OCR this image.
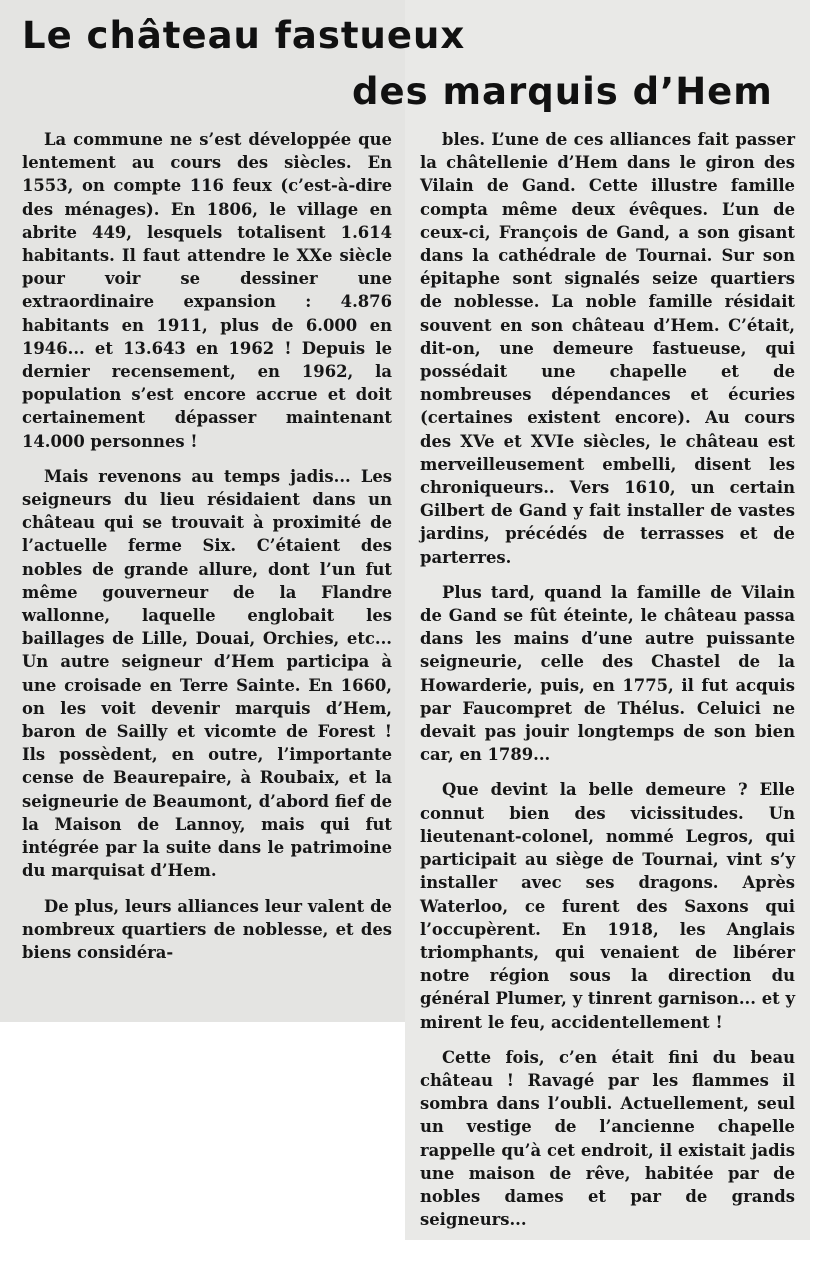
Le château fastueux
des marquis d’Hem

La commune ne s’est développée que lentement au cours des siècles. En 1553, on compte 116 feux (c’est-à-dire des ménages). En 1806, le village en abrite 449, lesquels totalisent 1.614 habitants. Il faut attendre le XXe siècle pour voir se dessiner une extraordinaire expansion : 4.876 habitants en 1911, plus de 6.000 en 1946... et 13.643 en 1962 ! Depuis le dernier recensement, en 1962, la population s’est encore accrue et doit certainement dépasser maintenant 14.000 personnes !

Mais revenons au temps jadis... Les seigneurs du lieu résidaient dans un château qui se trouvait à proximité de l’actuelle ferme Six. C’étaient des nobles de grande allure, dont l’un fut même gouverneur de la Flandre wallonne, laquelle englobait les baillages de Lille, Douai, Orchies, etc... Un autre seigneur d’Hem participa à une croisade en Terre Sainte. En 1660, on les voit devenir marquis d’Hem, baron de Sailly et vicomte de Forest ! Ils possèdent, en outre, l’importante cense de Beaurepaire, à Roubaix, et la seigneurie de Beaumont, d’abord fief de la Maison de Lannoy, mais qui fut intégrée par la suite dans le patrimoine du marquisat d’Hem.

De plus, leurs alliances leur valent de nombreux quartiers de noblesse, et des biens considéra-

bles. L’une de ces alliances fait passer la châtellenie d’Hem dans le giron des Vilain de Gand. Cette illustre famille compta même deux évêques. L’un de ceux-ci, François de Gand, a son gisant dans la cathédrale de Tournai. Sur son épitaphe sont signalés seize quartiers de noblesse. La noble famille résidait souvent en son château d’Hem. C’était, dit-on, une demeure fastueuse, qui possédait une chapelle et de nombreuses dépendances et écuries (certaines existent encore). Au cours des XVe et XVIe siècles, le château est merveilleusement embelli, disent les chroniqueurs.. Vers 1610, un certain Gilbert de Gand y fait installer de vastes jardins, précédés de terrasses et de parterres.

Plus tard, quand la famille de Vilain de Gand se fût éteinte, le château passa dans les mains d’une autre puissante seigneurie, celle des Chastel de la Howarderie, puis, en 1775, il fut acquis par Faucompret de Thélus. Celuici ne devait pas jouir longtemps de son bien car, en 1789...

Que devint la belle demeure ? Elle connut bien des vicissitudes. Un lieutenant-colonel, nommé Legros, qui participait au siège de Tournai, vint s’y installer avec ses dragons. Après Waterloo, ce furent des Saxons qui l’occupèrent. En 1918, les Anglais triomphants, qui venaient de libérer notre région sous la direction du général Plumer, y tinrent garnison... et y mirent le feu, accidentellement !

Cette fois, c’en était fini du beau château ! Ravagé par les flammes il sombra dans l’oubli. Actuellement, seul un vestige de l’ancienne chapelle rappelle qu’à cet endroit, il existait jadis une maison de rêve, habitée par de nobles dames et par de grands seigneurs...
